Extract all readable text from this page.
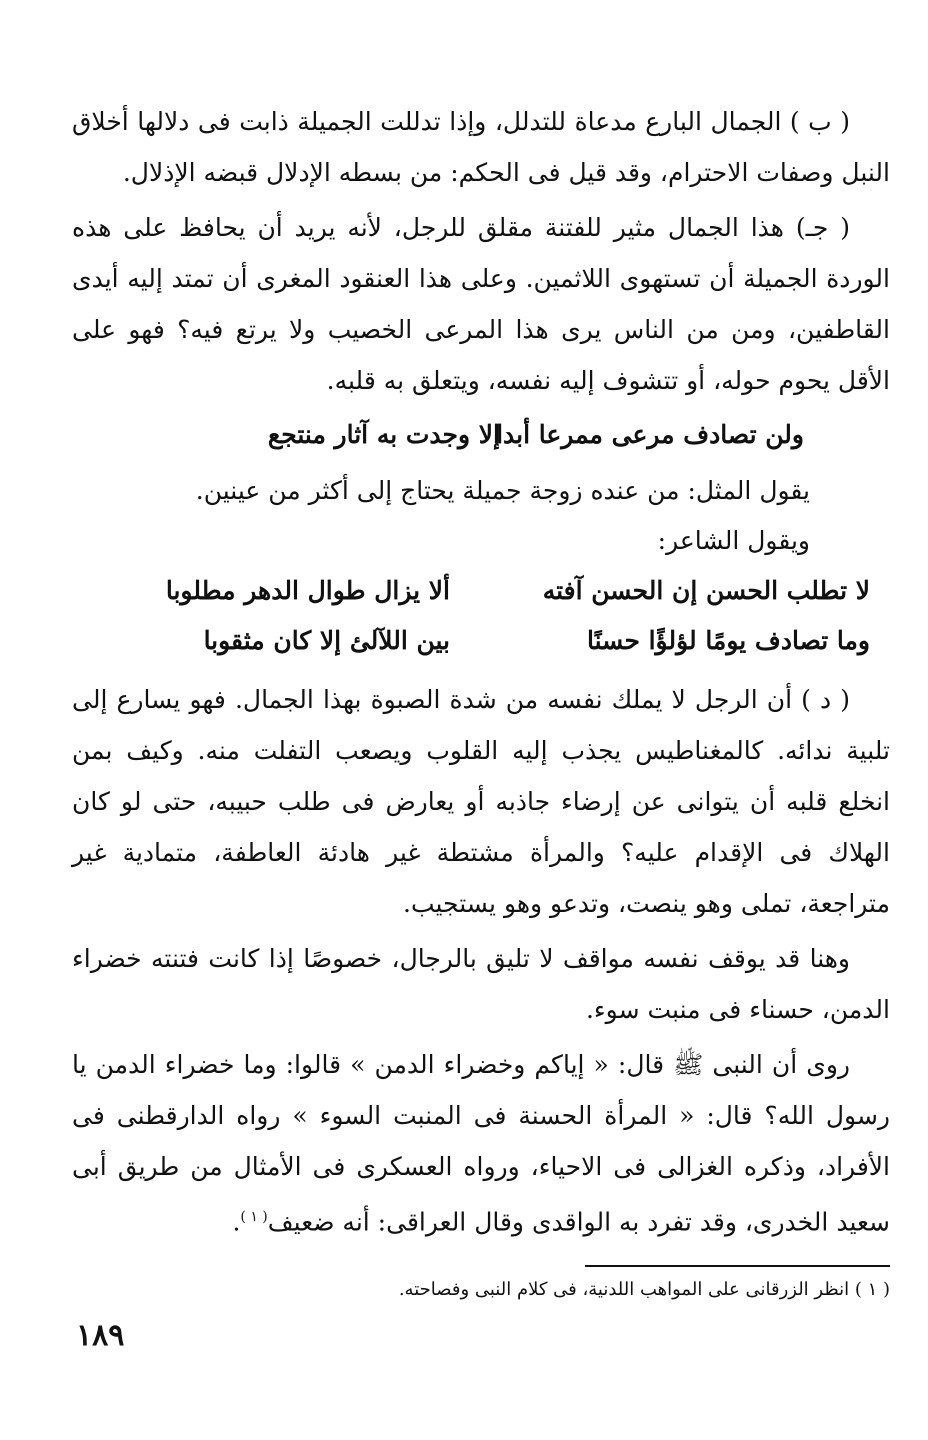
( ب ) الجمال البارع مدعاة للتدلل، وإذا تدللت الجميلة ذابت فى دلالها أخلاق النبل وصفات الاحترام، وقد قيل فى الحكم: من بسطه الإدلال قبضه الإذلال.

( جـ) هذا الجمال مثير للفتنة مقلق للرجل، لأنه يريد أن يحافظ على هذه الوردة الجميلة أن تستهوى اللاثمين. وعلى هذا العنقود المغرى أن تمتد إليه أيدى القاطفين، ومن من الناس يرى هذا المرعى الخصيب ولا يرتع فيه؟ فهو على الأقل يحوم حوله، أو تتشوف إليه نفسه، ويتعلق به قلبه.

ولن تصادف مرعى ممرعا أبدا
إلا وجدت به آثار منتجع
يقول المثل: من عنده زوجة جميلة يحتاج إلى أكثر من عينين.
ويقول الشاعر:
لا تطلب الحسن إن الحسن آفته
ألا يزال طوال الدهر مطلوبا
وما تصادف يومًا لؤلؤًا حسنًا
بين اللآلئ إلا كان مثقوبا

( د ) أن الرجل لا يملك نفسه من شدة الصبوة بهذا الجمال. فهو يسارع إلى تلبية ندائه. كالمغناطيس يجذب إليه القلوب ويصعب التفلت منه. وكيف بمن انخلع قلبه أن يتوانى عن إرضاء جاذبه أو يعارض فى طلب حبيبه، حتى لو كان الهلاك فى الإقدام عليه؟ والمرأة مشتطة غير هادئة العاطفة، متمادية غير متراجعة، تملى وهو ينصت، وتدعو وهو يستجيب.

وهنا قد يوقف نفسه مواقف لا تليق بالرجال، خصوصًا إذا كانت فتنته خضراء الدمن، حسناء فى منبت سوء.

روى أن النبى ﷺ قال: « إياكم وخضراء الدمن » قالوا: وما خضراء الدمن يا رسول الله؟ قال: « المرأة الحسنة فى المنبت السوء » رواه الدارقطنى فى الأفراد، وذكره الغزالى فى الاحياء، ورواه العسكرى فى الأمثال من طريق أبى سعيد الخدرى، وقد تفرد به الواقدى وقال العراقى: أنه ضعيف$^{( ١ )}$.

( ١ ) انظر الزرقانى على المواهب اللدنية، فى كلام النبى وفصاحته.
١٨٩
